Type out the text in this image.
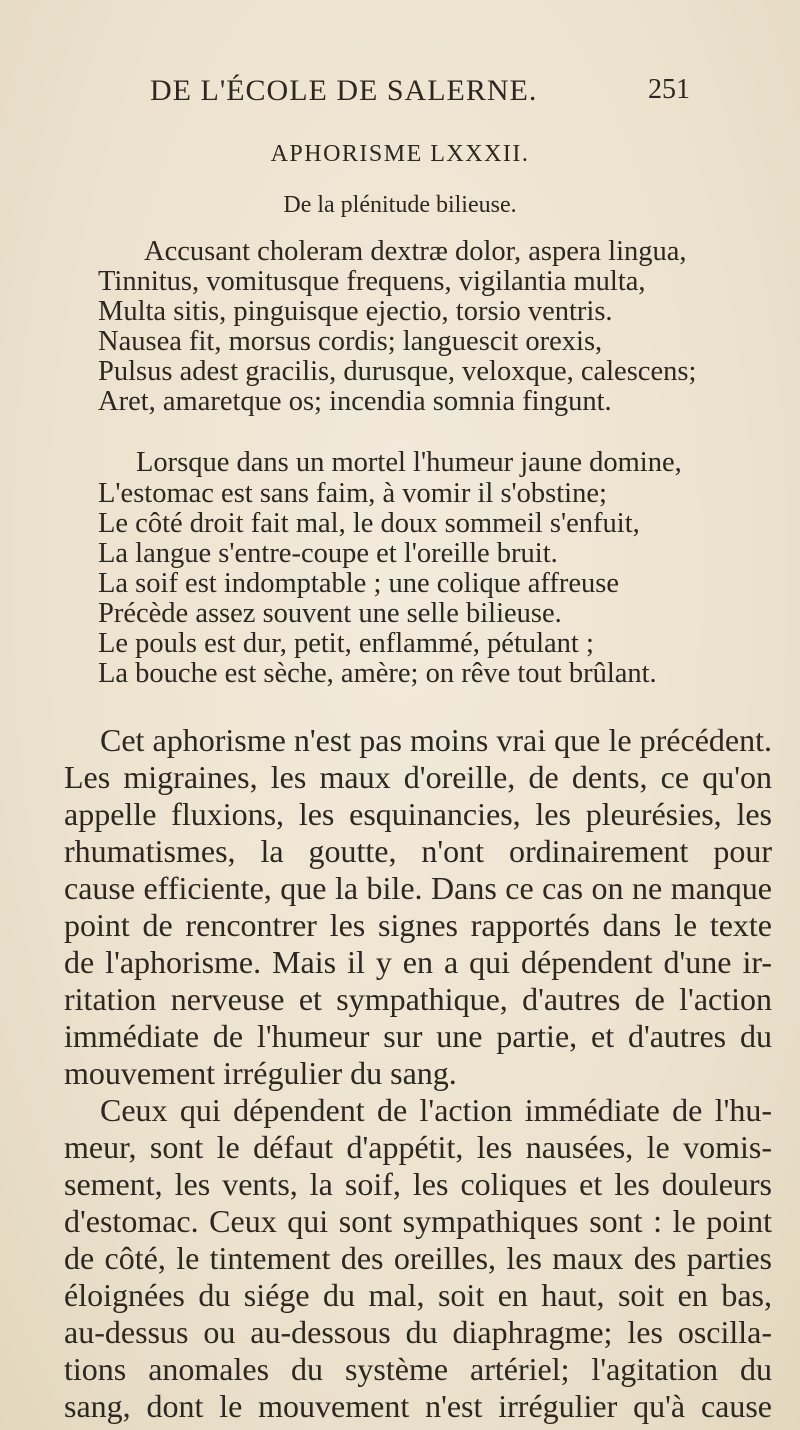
DE L'ÉCOLE DE SALERNE.	251
APHORISME LXXXII.
De la plénitude bilieuse.
Accusant choleram dextræ dolor, aspera lingua,
Tinnitus, vomitusque frequens, vigilantia multa,
Multa sitis, pinguisque ejectio, torsio ventris.
Nausea fit, morsus cordis; languescit orexis,
Pulsus adest gracilis, durusque, veloxque, calescens;
Aret, amaretque os; incendia somnia fingunt.
Lorsque dans un mortel l'humeur jaune domine,
L'estomac est sans faim, à vomir il s'obstine;
Le côté droit fait mal, le doux sommeil s'enfuit,
La langue s'entre-coupe et l'oreille bruit.
La soif est indomptable ; une colique affreuse
Précède assez souvent une selle bilieuse.
Le pouls est dur, petit, enflammé, pétulant ;
La bouche est sèche, amère; on rêve tout brûlant.
Cet aphorisme n'est pas moins vrai que le précédent.
Les migraines, les maux d'oreille, de dents, ce qu'on
appelle fluxions, les esquinancies, les pleurésies, les
rhumatismes, la goutte, n'ont ordinairement pour
cause efficiente, que la bile. Dans ce cas on ne manque
point de rencontrer les signes rapportés dans le texte
de l'aphorisme. Mais il y en a qui dépendent d'une ir-
ritation nerveuse et sympathique, d'autres de l'action
immédiate de l'humeur sur une partie, et d'autres du
mouvement irrégulier du sang.
Ceux qui dépendent de l'action immédiate de l'hu-
meur, sont le défaut d'appétit, les nausées, le vomis-
sement, les vents, la soif, les coliques et les douleurs
d'estomac. Ceux qui sont sympathiques sont : le point
de côté, le tintement des oreilles, les maux des parties
éloignées du siége du mal, soit en haut, soit en bas,
au-dessus ou au-dessous du diaphragme; les oscilla-
tions anomales du système artériel; l'agitation du
sang, dont le mouvement n'est irrégulier qu'à cause
